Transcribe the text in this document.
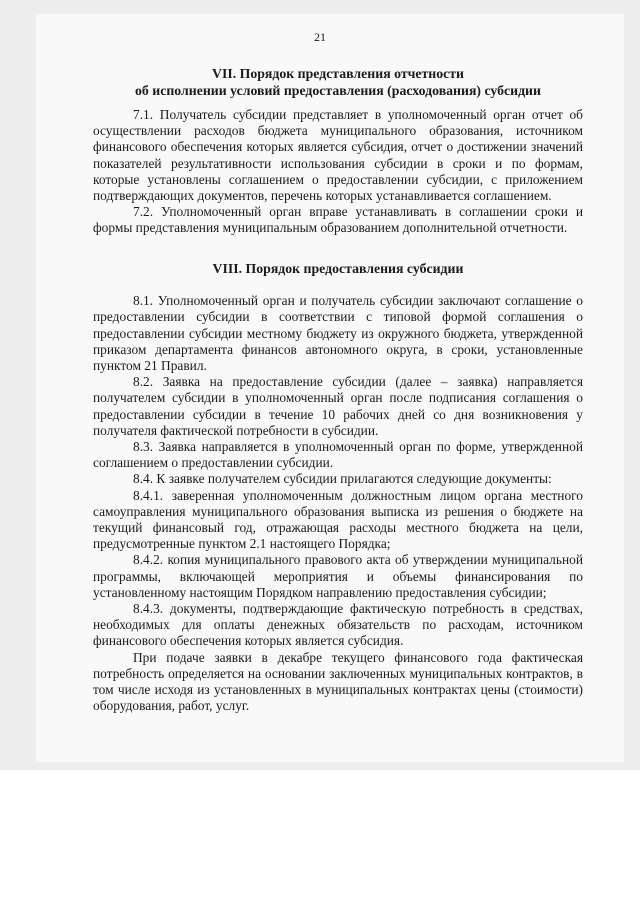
21
VII. Порядок представления отчетности
об исполнении условий предоставления (расходования) субсидии

7.1. Получатель субсидии представляет в уполномоченный орган отчет об осуществлении расходов бюджета муниципального образования, источником финансового обеспечения которых является субсидия, отчет о достижении значений показателей результативности использования субсидии в сроки и по формам, которые установлены соглашением о предоставлении субсидии, с приложением подтверждающих документов, перечень которых устанавливается соглашением.

7.2. Уполномоченный орган вправе устанавливать в соглашении сроки и формы представления муниципальным образованием дополнительной отчетности.

VIII. Порядок предоставления субсидии

8.1. Уполномоченный орган и получатель субсидии заключают соглашение о предоставлении субсидии в соответствии с типовой формой соглашения о предоставлении субсидии местному бюджету из окружного бюджета, утвержденной приказом департамента финансов автономного округа, в сроки, установленные пунктом 21 Правил.

8.2. Заявка на предоставление субсидии (далее – заявка) направляется получателем субсидии в уполномоченный орган после подписания соглашения о предоставлении субсидии в течение 10 рабочих дней со дня возникновения у получателя фактической потребности в субсидии.

8.3. Заявка направляется в уполномоченный орган по форме, утвержденной соглашением о предоставлении субсидии.

8.4. К заявке получателем субсидии прилагаются следующие документы:

8.4.1. заверенная уполномоченным должностным лицом органа местного самоуправления муниципального образования выписка из решения о бюджете на текущий финансовый год, отражающая расходы местного бюджета на цели, предусмотренные пунктом 2.1 настоящего Порядка;

8.4.2. копия муниципального правового акта об утверждении муниципальной программы, включающей мероприятия и объемы финансирования по установленному настоящим Порядком направлению предоставления субсидии;

8.4.3. документы, подтверждающие фактическую потребность в средствах, необходимых для оплаты денежных обязательств по расходам, источником финансового обеспечения которых является субсидия.

При подаче заявки в декабре текущего финансового года фактическая потребность определяется на основании заключенных муниципальных контрактов, в том числе исходя из установленных в муниципальных контрактах цены (стоимости) оборудования, работ, услуг.
